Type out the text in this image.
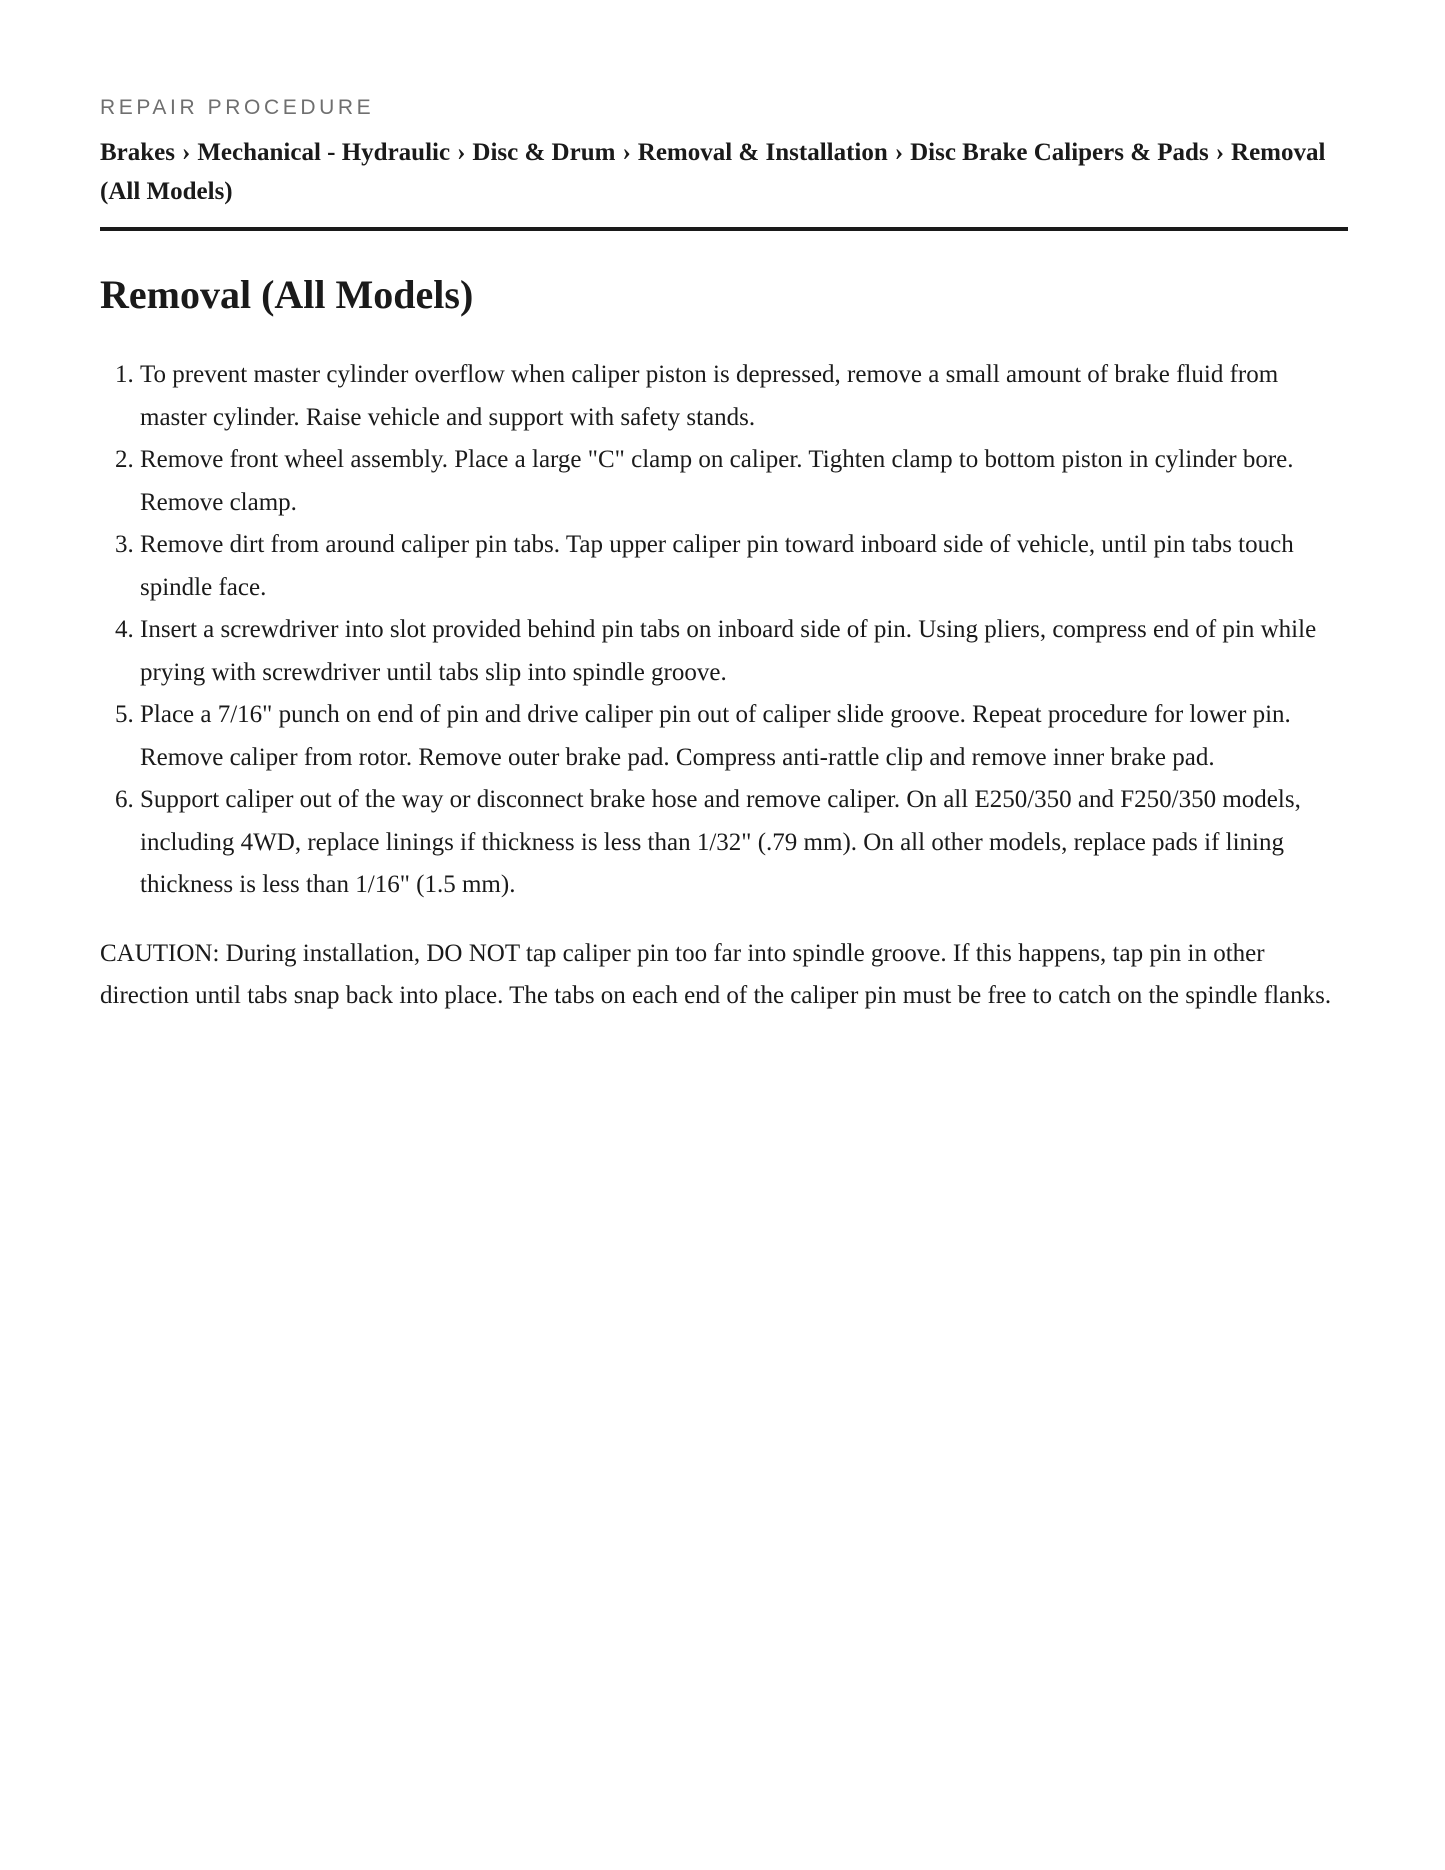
REPAIR PROCEDURE

Brakes › Mechanical - Hydraulic › Disc & Drum › Removal & Installation › Disc Brake Calipers & Pads › Removal (All Models)
Removal (All Models)
1. To prevent master cylinder overflow when caliper piston is depressed, remove a small amount of brake fluid from master cylinder. Raise vehicle and support with safety stands.
2. Remove front wheel assembly. Place a large "C" clamp on caliper. Tighten clamp to bottom piston in cylinder bore. Remove clamp.
3. Remove dirt from around caliper pin tabs. Tap upper caliper pin toward inboard side of vehicle, until pin tabs touch spindle face.
4. Insert a screwdriver into slot provided behind pin tabs on inboard side of pin. Using pliers, compress end of pin while prying with screwdriver until tabs slip into spindle groove.
5. Place a 7/16" punch on end of pin and drive caliper pin out of caliper slide groove. Repeat procedure for lower pin. Remove caliper from rotor. Remove outer brake pad. Compress anti-rattle clip and remove inner brake pad.
6. Support caliper out of the way or disconnect brake hose and remove caliper. On all E250/350 and F250/350 models, including 4WD, replace linings if thickness is less than 1/32" (.79 mm). On all other models, replace pads if lining thickness is less than 1/16" (1.5 mm).

CAUTION: During installation, DO NOT tap caliper pin too far into spindle groove. If this happens, tap pin in other direction until tabs snap back into place. The tabs on each end of the caliper pin must be free to catch on the spindle flanks.
